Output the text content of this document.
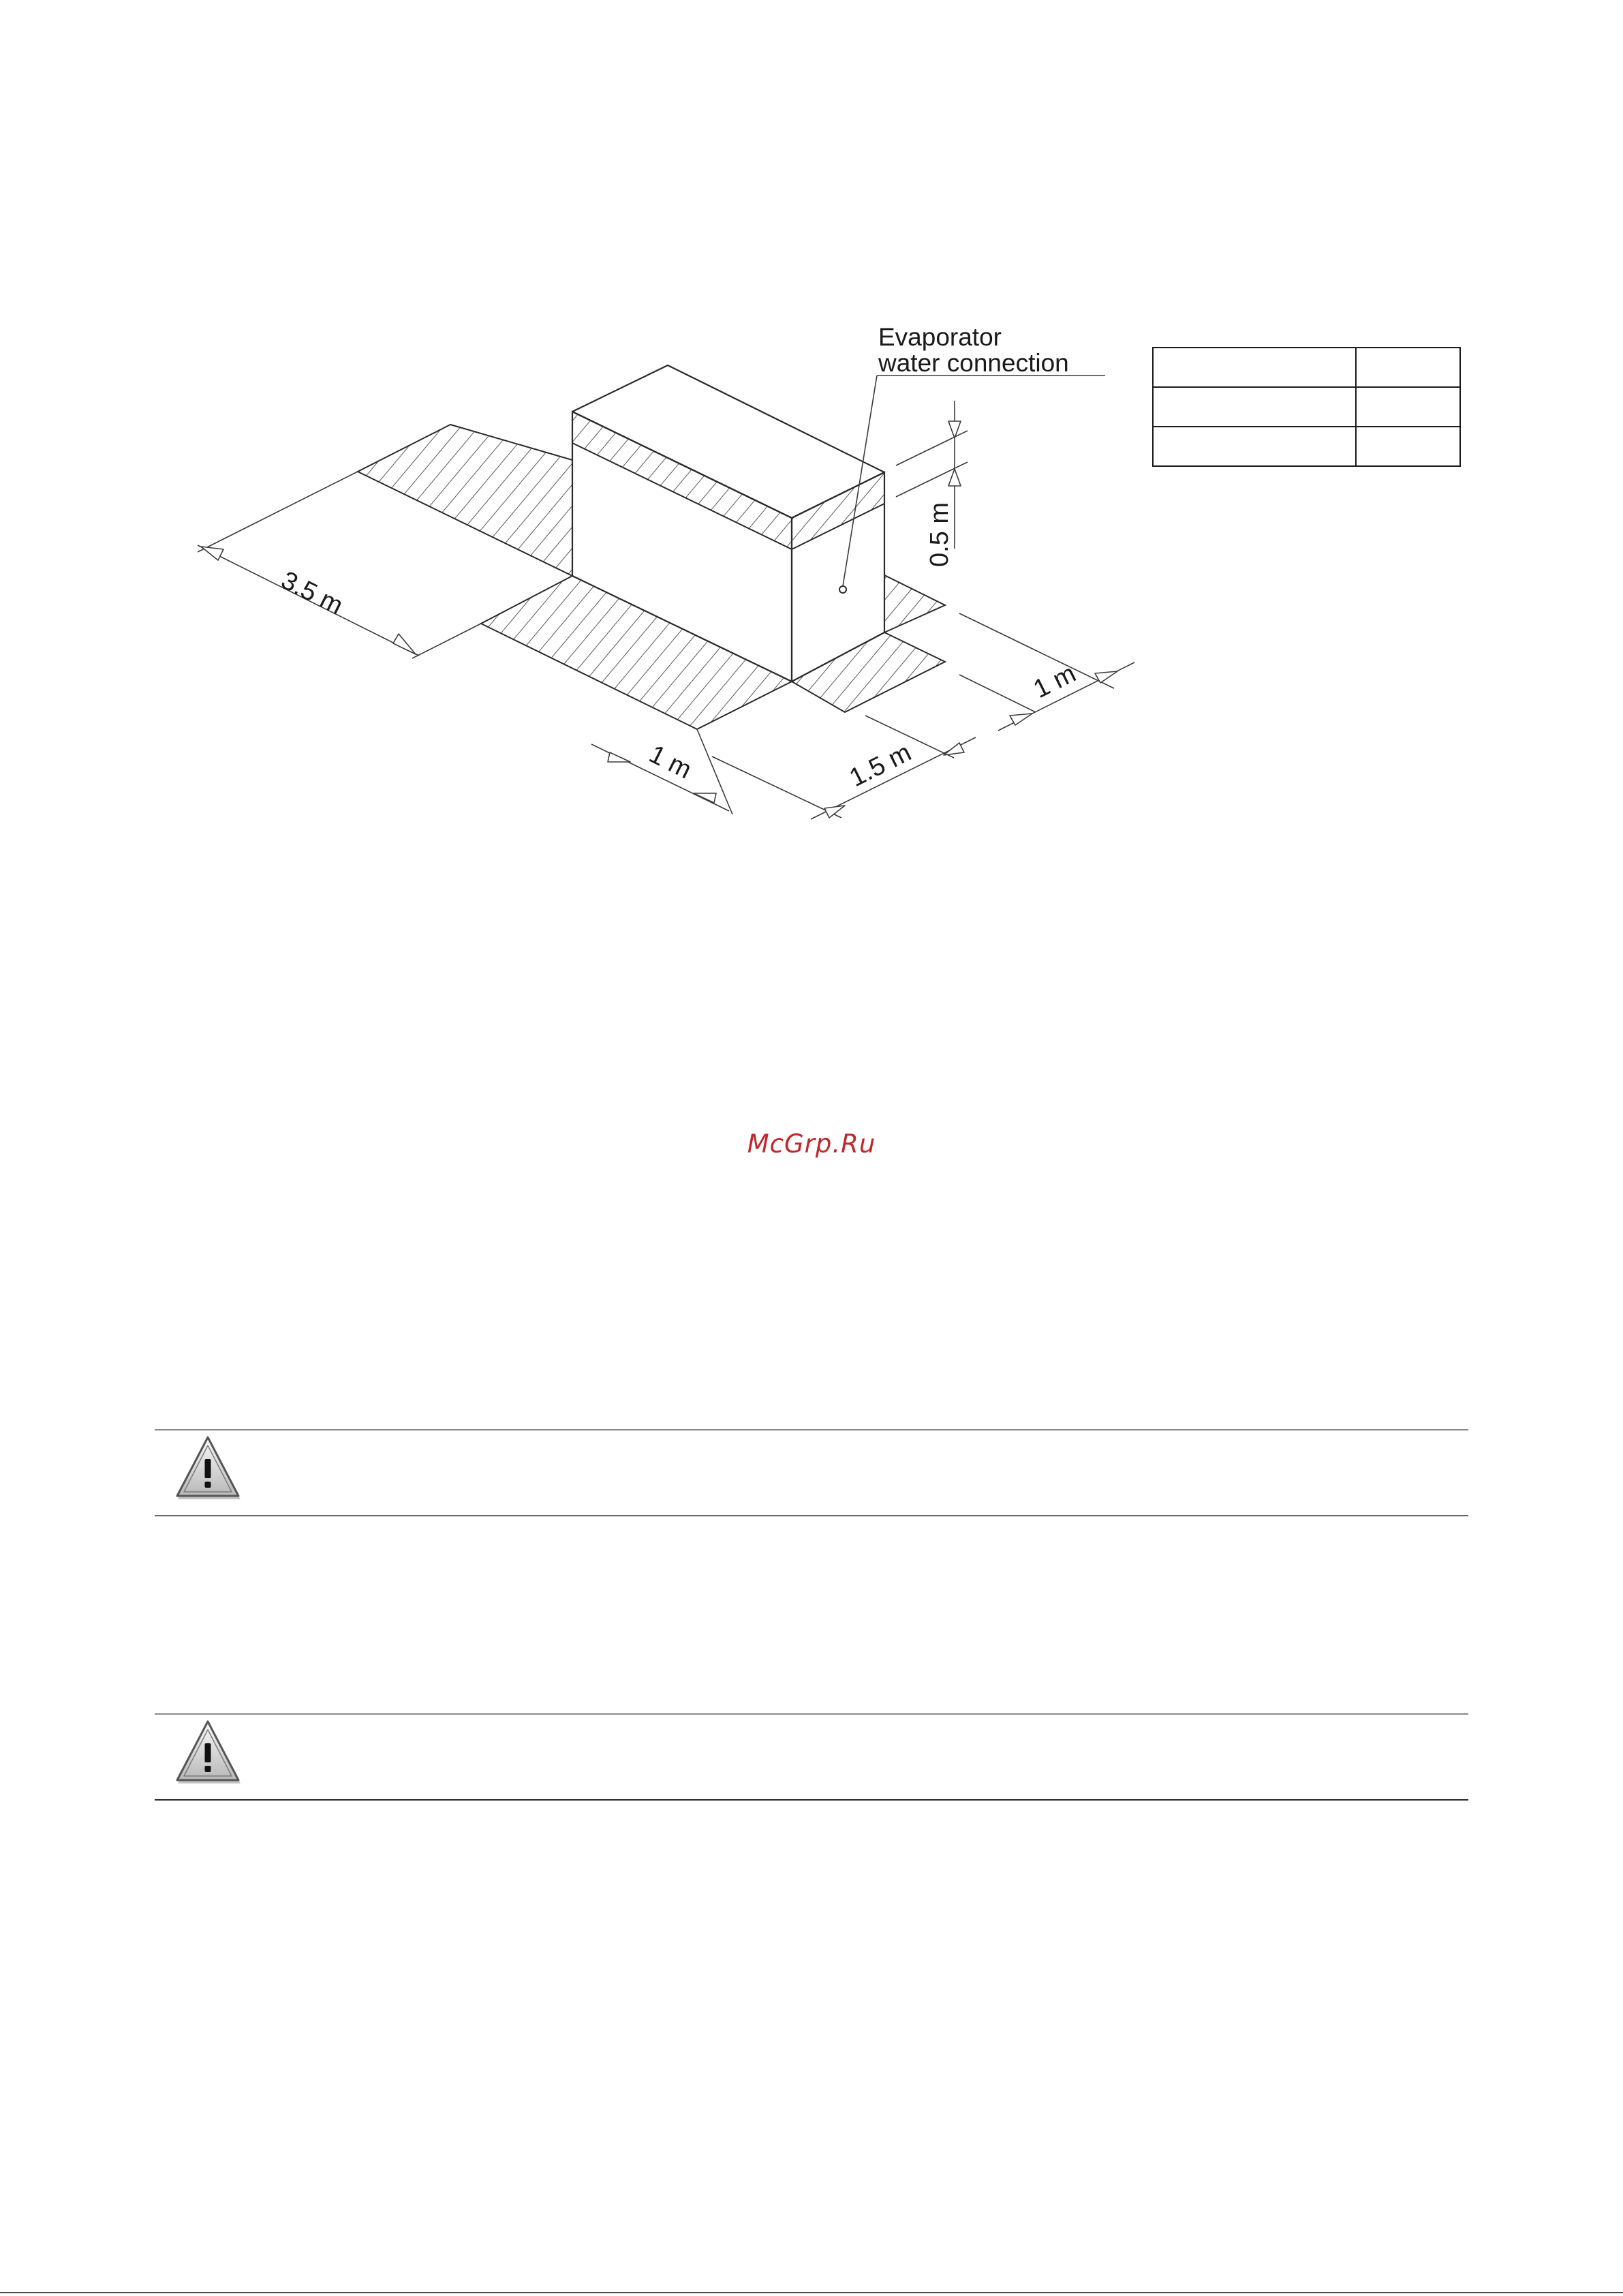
Evaporator
water connection
3.5 m
0.5 m
1 m
1 m	1.5 m

McGrp.Ru
